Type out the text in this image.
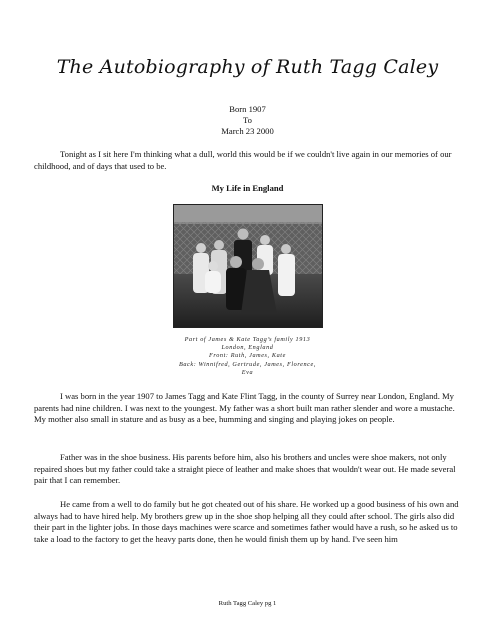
The Autobiography of Ruth Tagg Caley
Born 1907
To
March 23 2000

Tonight as I sit here I'm thinking what a dull, world this would be if we couldn't live again in our memories of our childhood, and of days that used to be.

My Life in England
Part of James & Kate Tagg’s family 1913
London, England
Front: Ruth, James, Kate
Back: Winnifred, Gertrude, James, Florence,
Eva

I was born in the year 1907 to James Tagg and Kate Flint Tagg, in the county of Surrey near London, England. My parents had nine children. I was next to the youngest. My father was a short built man rather slender and wore a mustache. My mother also small in stature and as busy as a bee, humming and singing and playing jokes on people.

Father was in the shoe business. His parents before him, also his brothers and uncles were shoe makers, not only repaired shoes but my father could take a straight piece of leather and make shoes that wouldn't wear out. He made several pair that I can remember.

He came from a well to do family but he got cheated out of his share. He worked up a good business of his own and always had to have hired help. My brothers grew up in the shoe shop helping all they could after school. The girls also did their part in the lighter jobs. In those days machines were scarce and sometimes father would have a rush, so he asked us to take a load to the factory to get the heavy parts done, then he would finish them up by hand. I've seen him

Ruth Tagg Caley pg 1
